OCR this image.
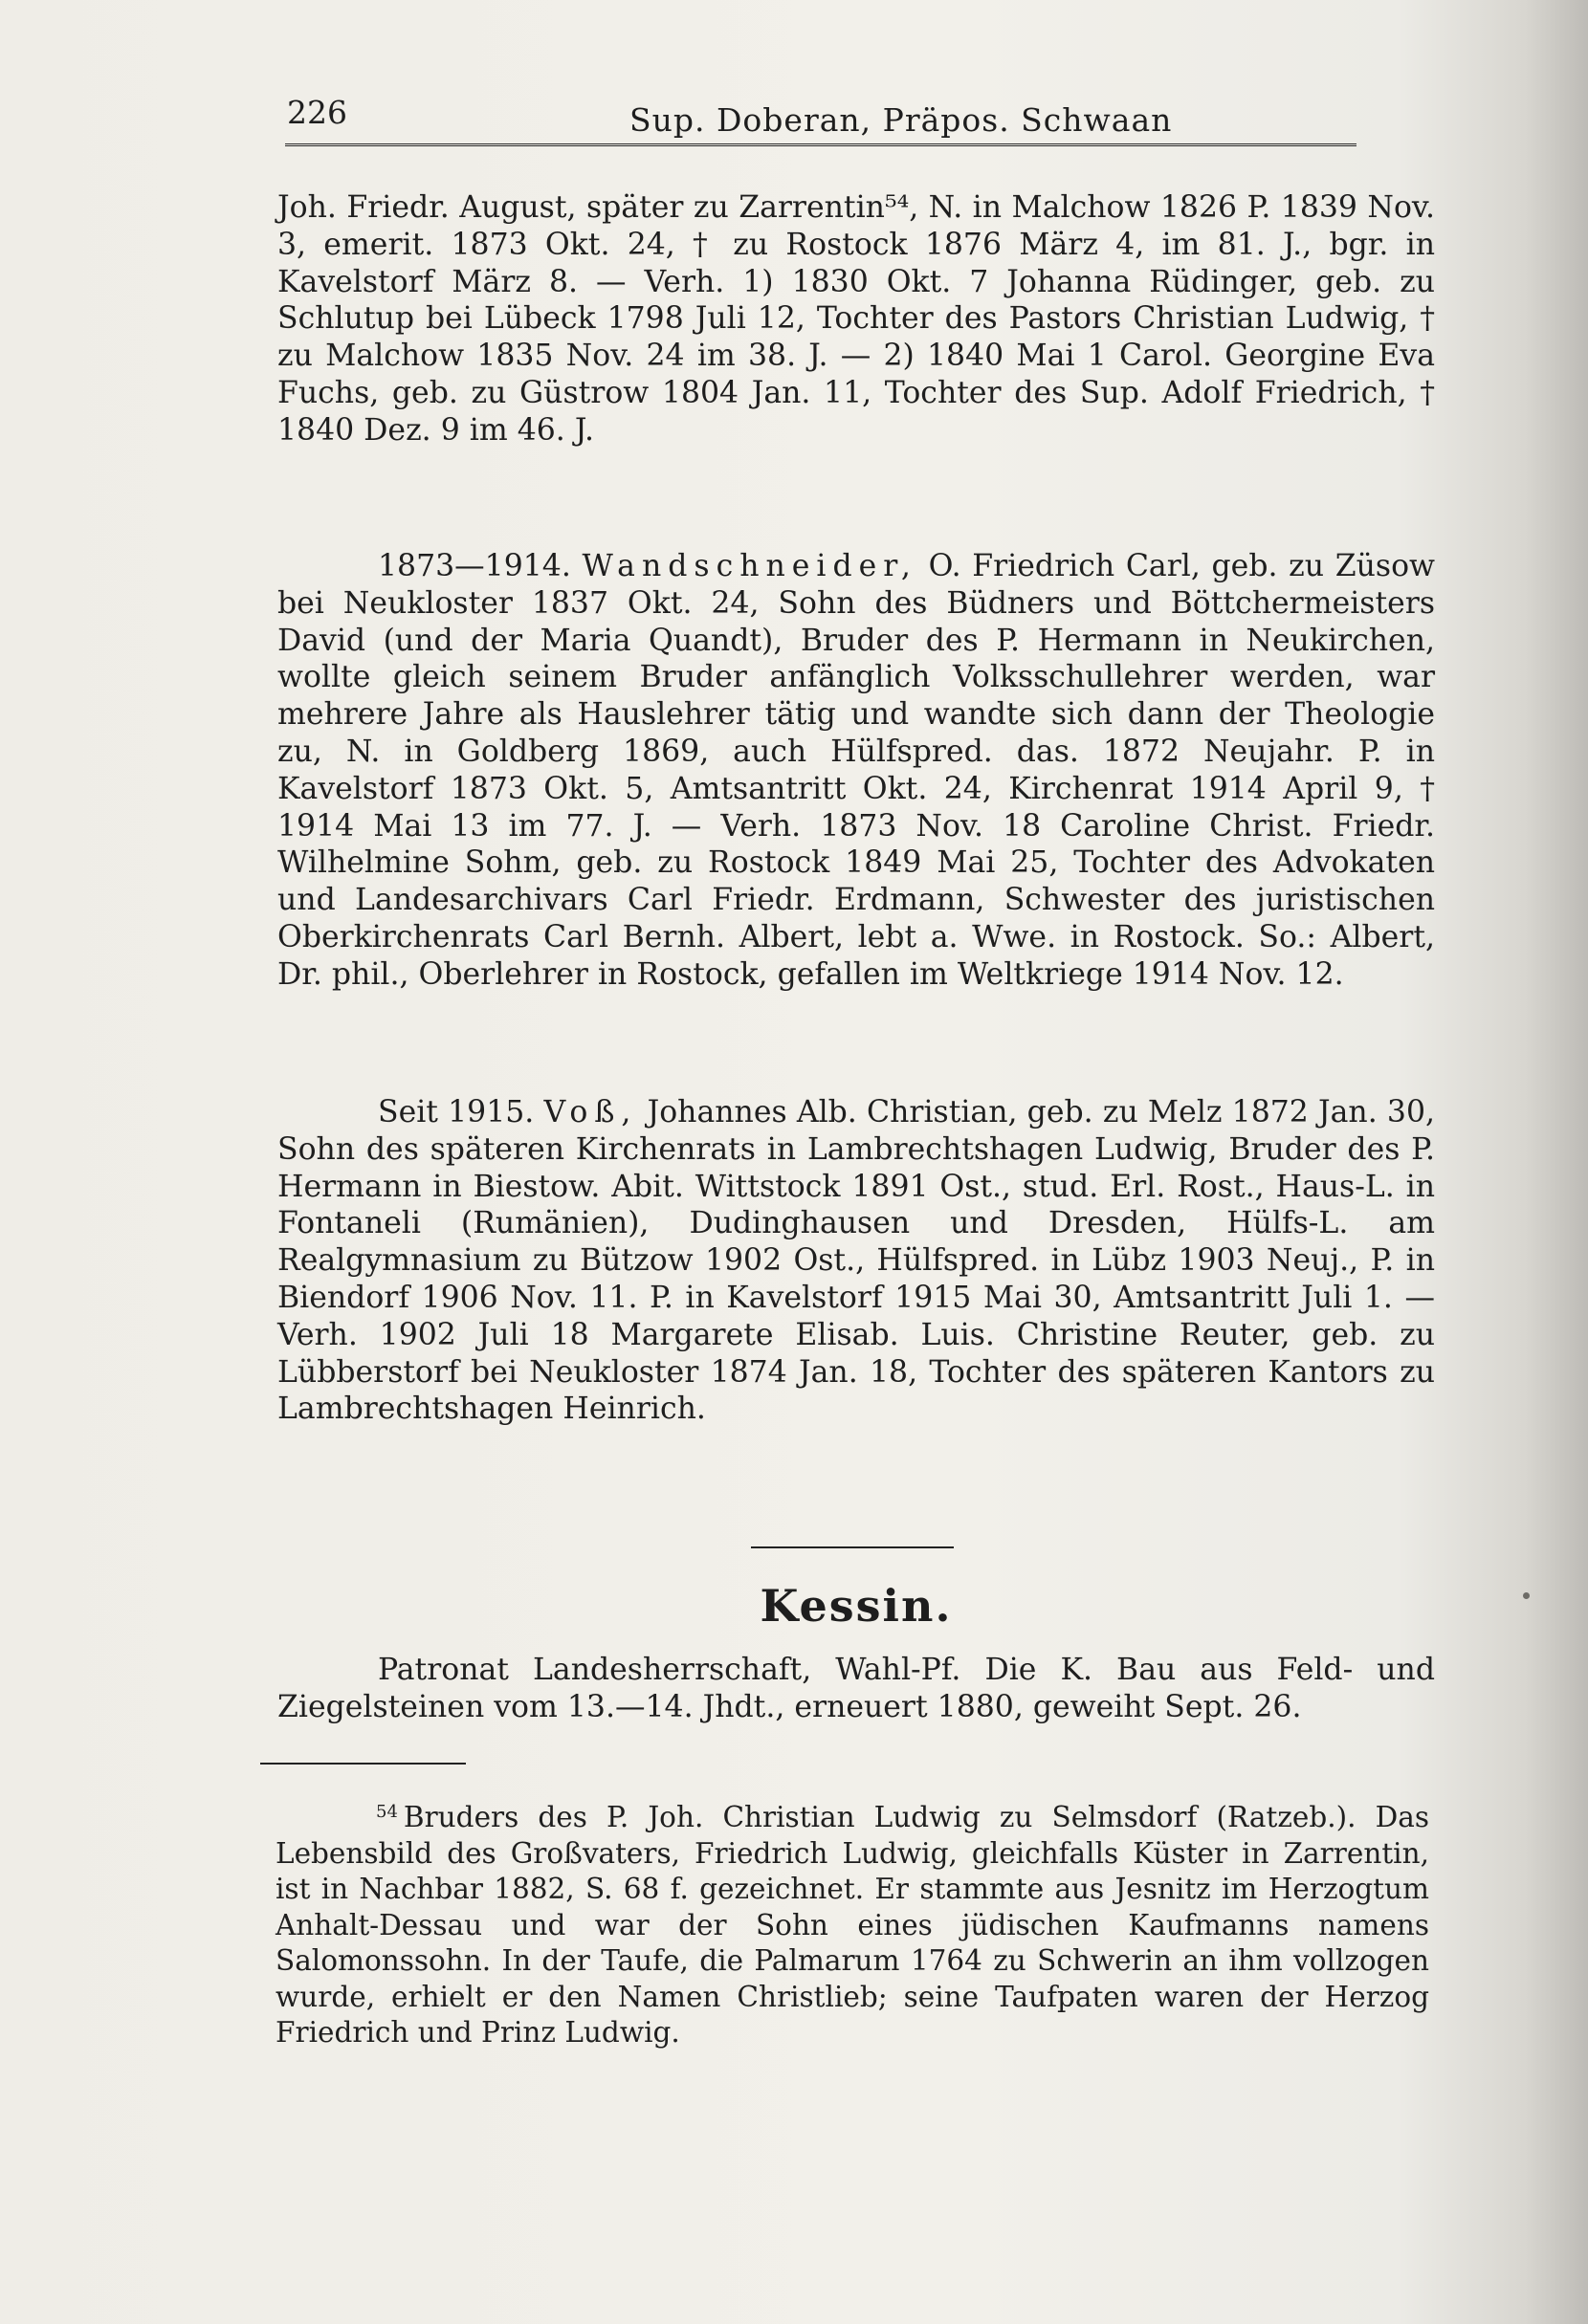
226	Sup. Doberan, Präpos. Schwaan

Joh. Friedr. August, später zu Zarrentin⁵⁴, N. in Malchow 1826 P. 1839 Nov. 3, emerit. 1873 Okt. 24, † zu Rostock 1876 März 4, im 81. J., bgr. in Kavelstorf März 8. — Verh. 1) 1830 Okt. 7 Johanna Rüdinger, geb. zu Schlutup bei Lübeck 1798 Juli 12, Tochter des Pastors Christian Ludwig, † zu Malchow 1835 Nov. 24 im 38. J. — 2) 1840 Mai 1 Carol. Georgine Eva Fuchs, geb. zu Güstrow 1804 Jan. 11, Tochter des Sup. Adolf Friedrich, † 1840 Dez. 9 im 46. J.

1873—1914. Wandschneider, O. Friedrich Carl, geb. zu Züsow bei Neukloster 1837 Okt. 24, Sohn des Büdners und Böttchermeisters David (und der Maria Quandt), Bruder des P. Hermann in Neukirchen, wollte gleich seinem Bruder anfänglich Volksschullehrer werden, war mehrere Jahre als Hauslehrer tätig und wandte sich dann der Theologie zu, N. in Goldberg 1869, auch Hülfspred. das. 1872 Neujahr. P. in Kavelstorf 1873 Okt. 5, Amtsantritt Okt. 24, Kirchenrat 1914 April 9, † 1914 Mai 13 im 77. J. — Verh. 1873 Nov. 18 Caroline Christ. Friedr. Wilhelmine Sohm, geb. zu Rostock 1849 Mai 25, Tochter des Advokaten und Landesarchivars Carl Friedr. Erdmann, Schwester des juristischen Oberkirchenrats Carl Bernh. Albert, lebt a. Wwe. in Rostock. So.: Albert, Dr. phil., Oberlehrer in Rostock, gefallen im Weltkriege 1914 Nov. 12.

Seit 1915. Voß, Johannes Alb. Christian, geb. zu Melz 1872 Jan. 30, Sohn des späteren Kirchenrats in Lambrechtshagen Ludwig, Bruder des P. Hermann in Biestow. Abit. Wittstock 1891 Ost., stud. Erl. Rost., Haus-L. in Fontaneli (Rumänien), Dudinghausen und Dresden, Hülfs-L. am Realgymnasium zu Bützow 1902 Ost., Hülfspred. in Lübz 1903 Neuj., P. in Biendorf 1906 Nov. 11. P. in Kavelstorf 1915 Mai 30, Amtsantritt Juli 1. — Verh. 1902 Juli 18 Margarete Elisab. Luis. Christine Reuter, geb. zu Lübberstorf bei Neukloster 1874 Jan. 18, Tochter des späteren Kantors zu Lambrechtshagen Heinrich.

Kessin.

Patronat Landesherrschaft, Wahl-Pf. Die K. Bau aus Feld- und Ziegelsteinen vom 13.—14. Jhdt., erneuert 1880, geweiht Sept. 26.

$^{54}$ Bruders des P. Joh. Christian Ludwig zu Selmsdorf (Ratzeb.). Das Lebensbild des Großvaters, Friedrich Ludwig, gleichfalls Küster in Zarrentin, ist in Nachbar 1882, S. 68 f. gezeichnet. Er stammte aus Jesnitz im Herzogtum Anhalt-Dessau und war der Sohn eines jüdischen Kaufmanns namens Salomonssohn. In der Taufe, die Palmarum 1764 zu Schwerin an ihm vollzogen wurde, erhielt er den Namen Christlieb; seine Taufpaten waren der Herzog Friedrich und Prinz Ludwig.
